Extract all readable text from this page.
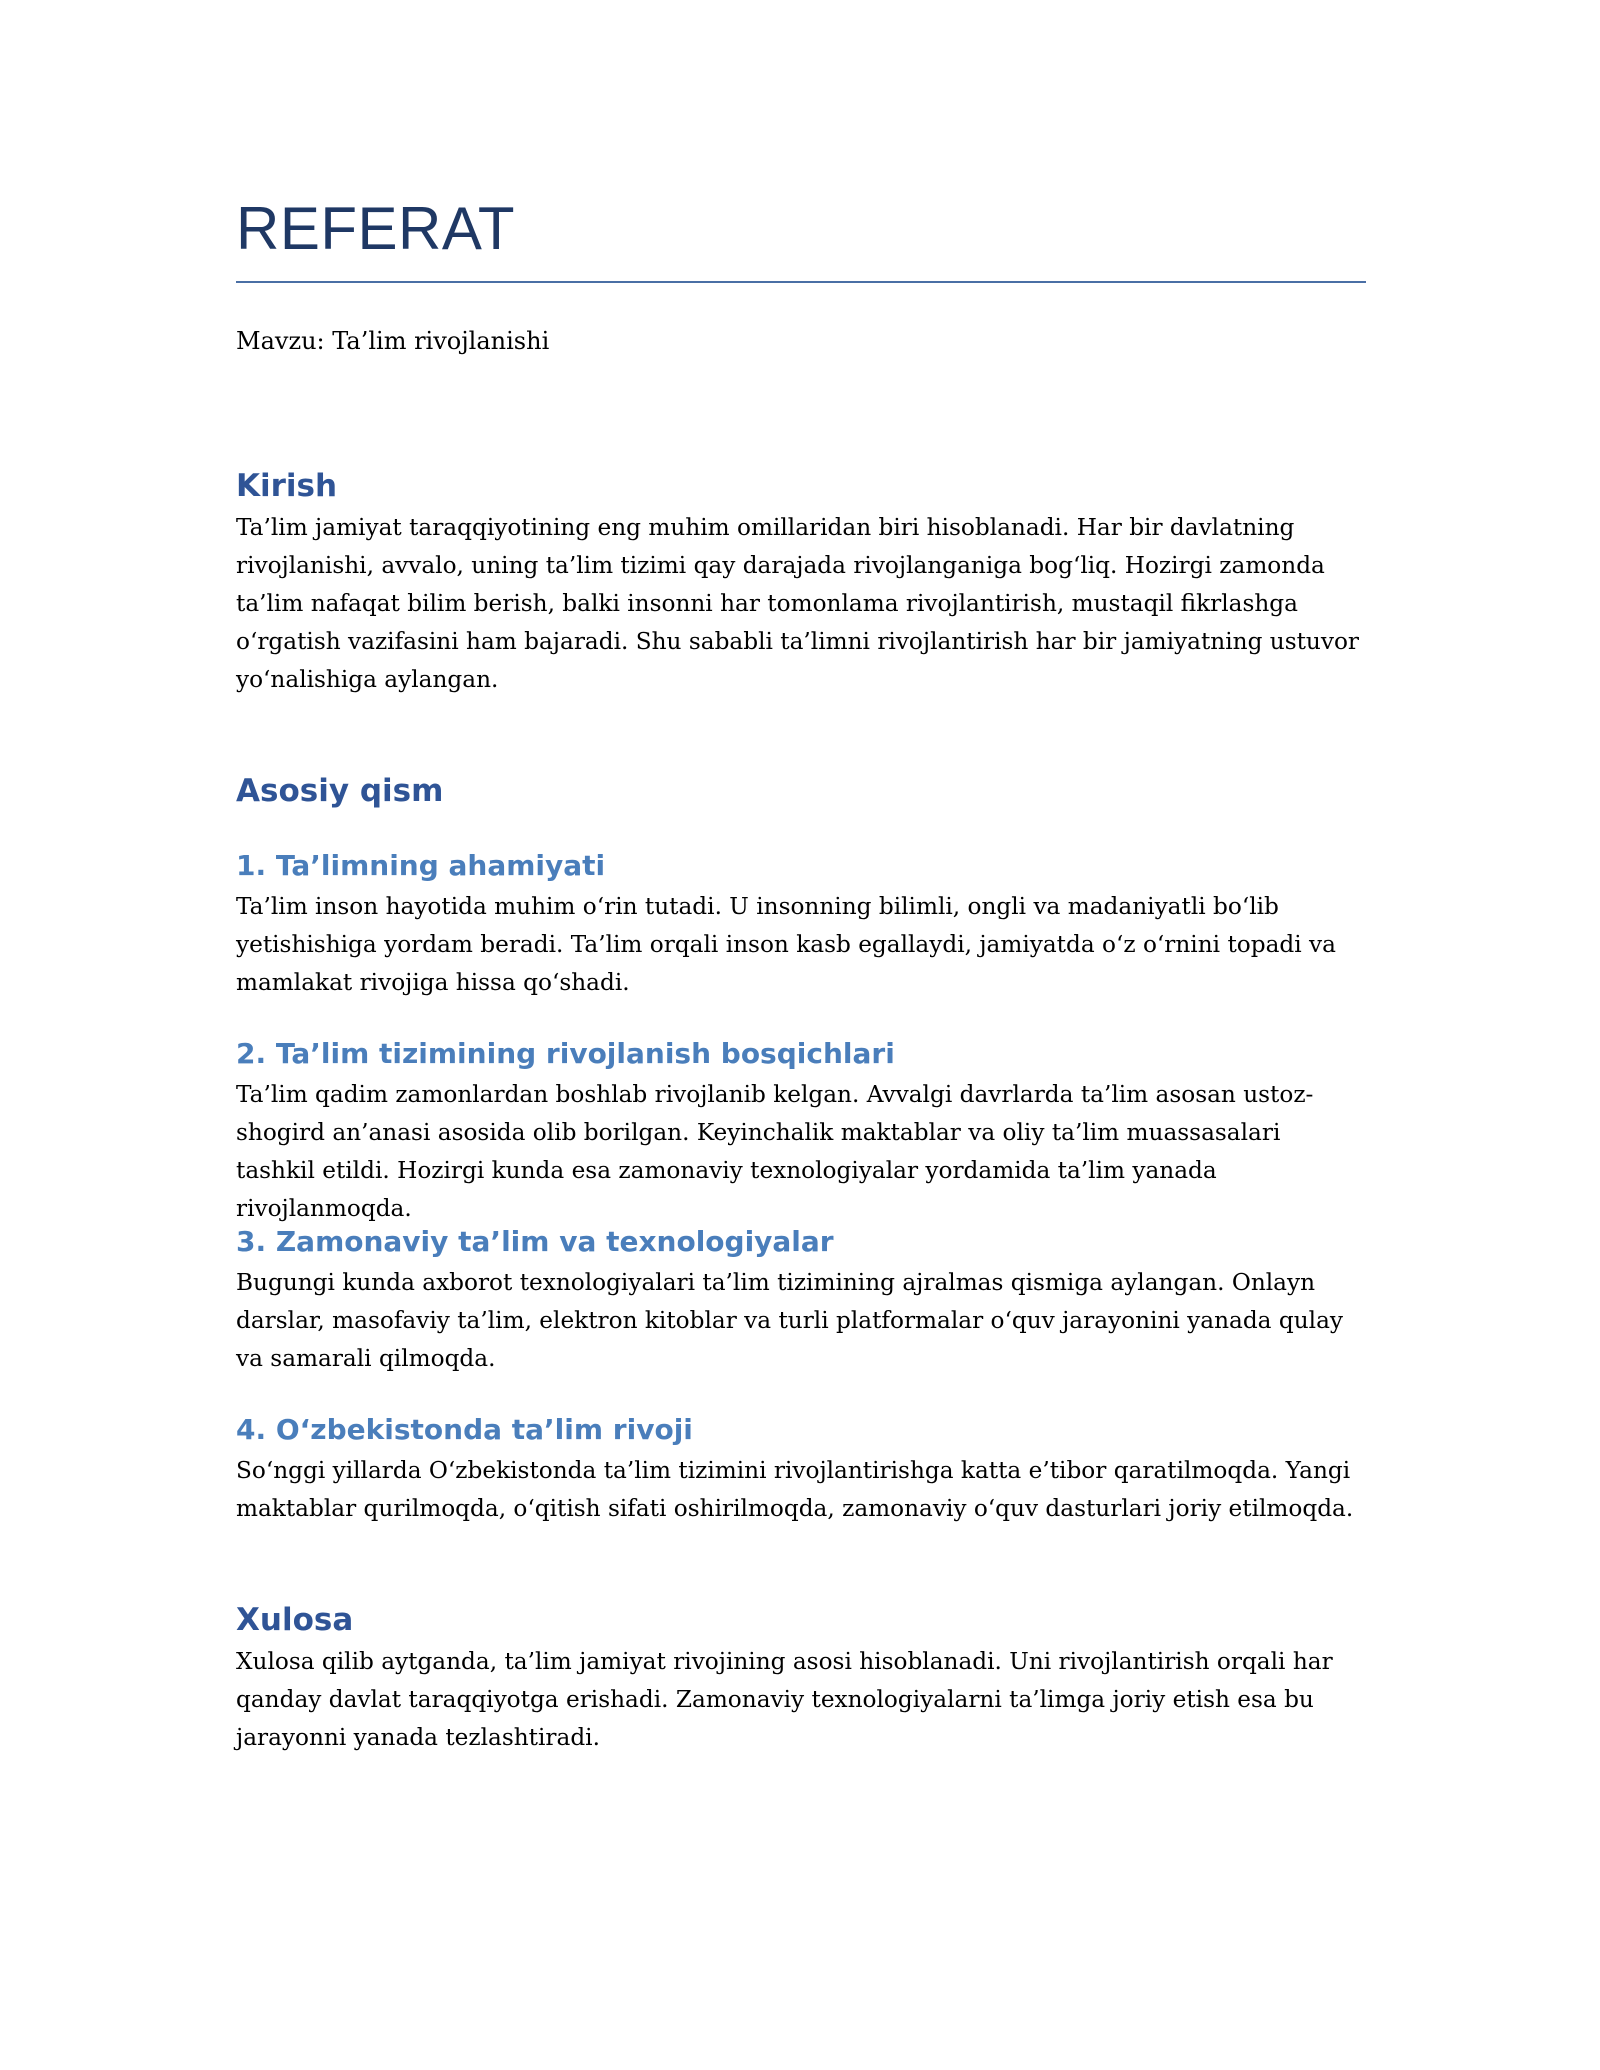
REFERAT

Mavzu: Ta’lim rivojlanishi

Kirish

Ta’lim jamiyat taraqqiyotining eng muhim omillaridan biri hisoblanadi. Har bir davlatning rivojlanishi, avvalo, uning ta’lim tizimi qay darajada rivojlanganiga bog‘liq. Hozirgi zamonda ta’lim nafaqat bilim berish, balki insonni har tomonlama rivojlantirish, mustaqil fikrlashga o‘rgatish vazifasini ham bajaradi. Shu sababli ta’limni rivojlantirish har bir jamiyatning ustuvor yo‘nalishiga aylangan.

Asosiy qism
1. Ta’limning ahamiyati

Ta’lim inson hayotida muhim o‘rin tutadi. U insonning bilimli, ongli va madaniyatli bo‘lib yetishishiga yordam beradi. Ta’lim orqali inson kasb egallaydi, jamiyatda o‘z o‘rnini topadi va mamlakat rivojiga hissa qo‘shadi.

2. Ta’lim tizimining rivojlanish bosqichlari

Ta’lim qadim zamonlardan boshlab rivojlanib kelgan. Avvalgi davrlarda ta’lim asosan ustoz-shogird an’anasi asosida olib borilgan. Keyinchalik maktablar va oliy ta’lim muassasalari tashkil etildi. Hozirgi kunda esa zamonaviy texnologiyalar yordamida ta’lim yanada rivojlanmoqda.

3. Zamonaviy ta’lim va texnologiyalar

Bugungi kunda axborot texnologiyalari ta’lim tizimining ajralmas qismiga aylangan. Onlayn darslar, masofaviy ta’lim, elektron kitoblar va turli platformalar o‘quv jarayonini yanada qulay va samarali qilmoqda.

4. O‘zbekistonda ta’lim rivoji

So‘nggi yillarda O‘zbekistonda ta’lim tizimini rivojlantirishga katta e’tibor qaratilmoqda. Yangi maktablar qurilmoqda, o‘qitish sifati oshirilmoqda, zamonaviy o‘quv dasturlari joriy etilmoqda.

Xulosa

Xulosa qilib aytganda, ta’lim jamiyat rivojining asosi hisoblanadi. Uni rivojlantirish orqali har qanday davlat taraqqiyotga erishadi. Zamonaviy texnologiyalarni ta’limga joriy etish esa bu jarayonni yanada tezlashtiradi.
